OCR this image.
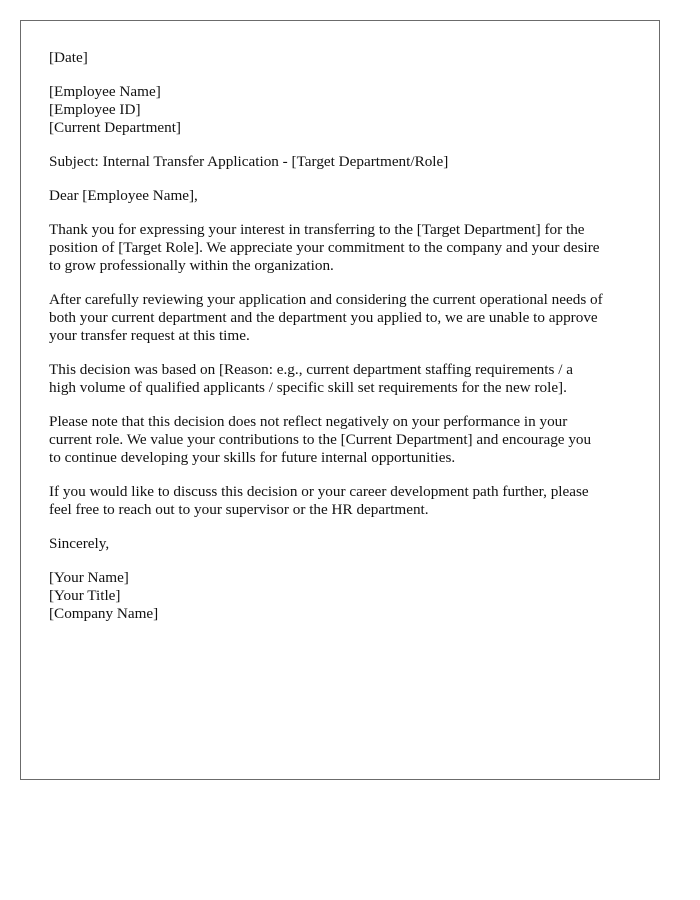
[Date]
[Employee Name]
[Employee ID]
[Current Department]

Subject: Internal Transfer Application - [Target Department/Role]

Dear [Employee Name],

Thank you for expressing your interest in transferring to the [Target Department] for the
position of [Target Role]. We appreciate your commitment to the company and your desire
to grow professionally within the organization.

After carefully reviewing your application and considering the current operational needs of
both your current department and the department you applied to, we are unable to approve
your transfer request at this time.

This decision was based on [Reason: e.g., current department staffing requirements / a
high volume of qualified applicants / specific skill set requirements for the new role].

Please note that this decision does not reflect negatively on your performance in your
current role. We value your contributions to the [Current Department] and encourage you
to continue developing your skills for future internal opportunities.

If you would like to discuss this decision or your career development path further, please
feel free to reach out to your supervisor or the HR department.

Sincerely,

[Your Name]
[Your Title]
[Company Name]
